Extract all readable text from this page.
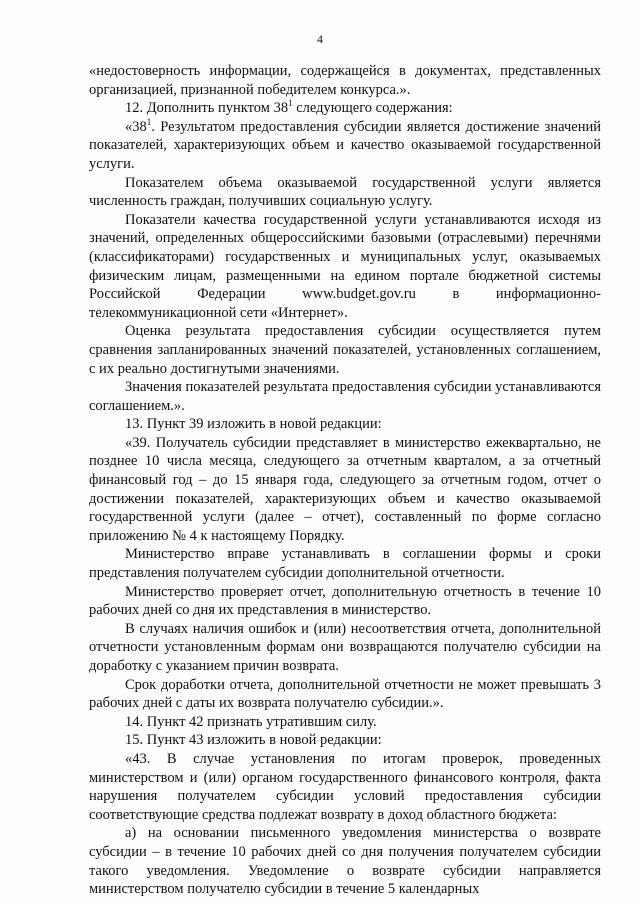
4

«недостоверность информации, содержащейся в документах, представленных организацией, признанной победителем конкурса.».

12. Дополнить пунктом $38^1$ следующего содержания:

«$38^1$. Результатом предоставления субсидии является достижение значений показателей, характеризующих объем и качество оказываемой государственной услуги.

Показателем объема оказываемой государственной услуги является численность граждан, получивших социальную услугу.

Показатели качества государственной услуги устанавливаются исходя из значений, определенных общероссийскими базовыми (отраслевыми) перечнями (классификаторами) государственных и муниципальных услуг, оказываемых физическим лицам, размещенными на едином портале бюджетной системы Российской Федерации www.budget.gov.ru в информационно-телекоммуникационной сети «Интернет».

Оценка результата предоставления субсидии осуществляется путем сравнения запланированных значений показателей, установленных соглашением, с их реально достигнутыми значениями.

Значения показателей результата предоставления субсидии устанавливаются соглашением.».

13. Пункт 39 изложить в новой редакции:

«39. Получатель субсидии представляет в министерство ежеквартально, не позднее 10 числа месяца, следующего за отчетным кварталом, а за отчетный финансовый год – до 15 января года, следующего за отчетным годом, отчет о достижении показателей, характеризующих объем и качество оказываемой государственной услуги (далее – отчет), составленный по форме согласно приложению № 4 к настоящему Порядку.

Министерство вправе устанавливать в соглашении формы и сроки представления получателем субсидии дополнительной отчетности.

Министерство проверяет отчет, дополнительную отчетность в течение 10 рабочих дней со дня их представления в министерство.

В случаях наличия ошибок и (или) несоответствия отчета, дополнительной отчетности установленным формам они возвращаются получателю субсидии на доработку с указанием причин возврата.

Срок доработки отчета, дополнительной отчетности не может превышать 3 рабочих дней с даты их возврата получателю субсидии.».

14. Пункт 42 признать утратившим силу.

15. Пункт 43 изложить в новой редакции:

«43. В случае установления по итогам проверок, проведенных министерством и (или) органом государственного финансового контроля, факта нарушения получателем субсидии условий предоставления субсидии соответствующие средства подлежат возврату в доход областного бюджета:

а) на основании письменного уведомления министерства о возврате субсидии – в течение 10 рабочих дней со дня получения получателем субсидии такого уведомления. Уведомление о возврате субсидии направляется министерством получателю субсидии в течение 5 календарных
